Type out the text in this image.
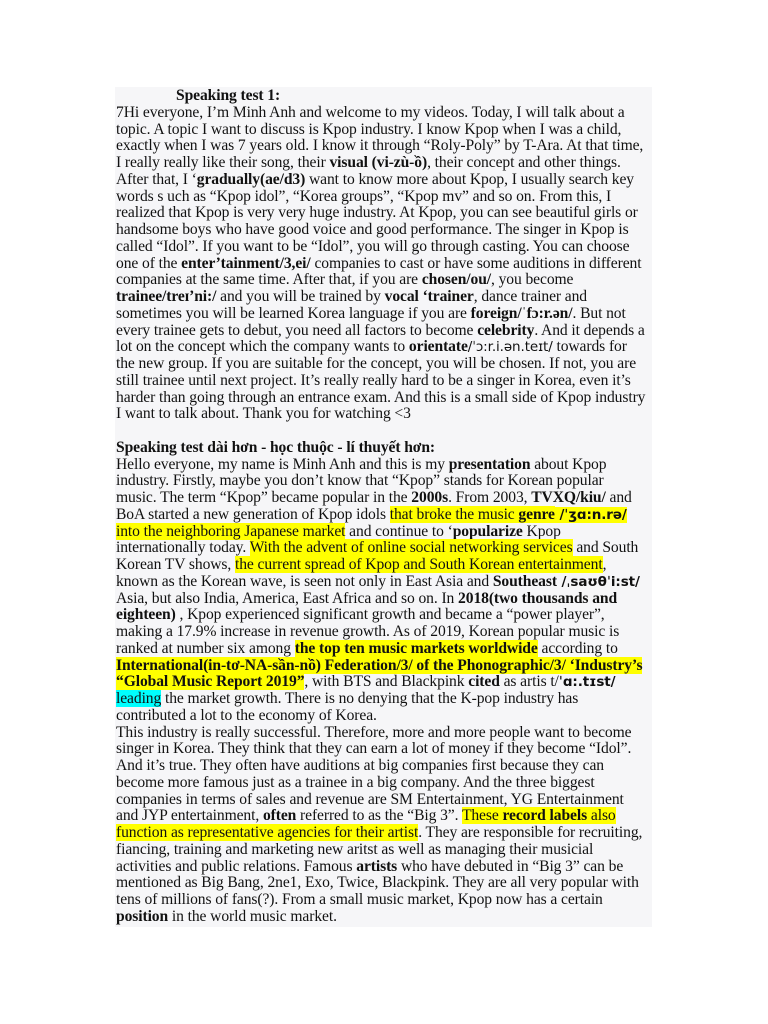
Speaking test 1:
7Hi everyone, I’m Minh Anh and welcome to my videos. Today, I will talk about a
topic. A topic I want to discuss is Kpop industry. I know Kpop when I was a child,
exactly when I was 7 years old. I know it through “Roly-Poly” by T-Ara. At that time,
I really really like their song, their visual (vi-zù-ồ), their concept and other things.
After that, I ‘gradually(ae/d3) want to know more about Kpop, I usually search key
words s uch as “Kpop idol”, “Korea groups”, “Kpop mv” and so on. From this, I
realized that Kpop is very very huge industry. At Kpop, you can see beautiful girls or
handsome boys who have good voice and good performance. The singer in Kpop is
called “Idol”. If you want to be “Idol”, you will go through casting. You can choose
one of the enter’tainment/3,ei/ companies to cast or have some auditions in different
companies at the same time. After that, if you are chosen/ou/, you become
trainee/treɪ’ni:/ and you will be trained by vocal ‘trainer, dance trainer and
sometimes you will be learned Korea language if you are foreign/ˈfɔ:r.ən/. But not
every trainee gets to debut, you need all factors to become celebrity. And it depends a
lot on the concept which the company wants to orientate/ˈɔ:r.i.ən.teɪt/ towards for
the new group. If you are suitable for the concept, you will be chosen. If not, you are
still trainee until next project. It’s really really hard to be a singer in Korea, even it’s
harder than going through an entrance exam. And this is a small side of Kpop industry
I want to talk about. Thank you for watching <3
Speaking test dài hơn - học thuộc - lí thuyết hơn:
Hello everyone, my name is Minh Anh and this is my presentation about Kpop
industry. Firstly, maybe you don’t know that “Kpop” stands for Korean popular
music. The term “Kpop” became popular in the 2000s. From 2003, TVXQ/kiu/ and
BoA started a new generation of Kpop idols that broke the music genre /ˈʒɑ:n.rə/
into the neighboring Japanese market and continue to ‘popularize Kpop
internationally today. With the advent of online social networking services and South
Korean TV shows, the current spread of Kpop and South Korean entertainment,
known as the Korean wave, is seen not only in East Asia and Southeast /ˌsaʊθˈi:st/
Asia, but also India, America, East Africa and so on. In 2018(two thousands and
eighteen) , Kpop experienced significant growth and became a “power player”,
making a 17.9% increase in revenue growth. As of 2019, Korean popular music is
ranked at number six among the top ten music markets worldwide according to
International(in-tơ-NA-sần-nồ) Federation/3/ of the Phonographic/3/ ‘Industry’s
“Global Music Report 2019”, with BTS and Blackpink cited as artis t/ˈɑ:.tɪst/
leading the market growth. There is no denying that the K-pop industry has
contributed a lot to the economy of Korea.
This industry is really successful. Therefore, more and more people want to become
singer in Korea. They think that they can earn a lot of money if they become “Idol”.
And it’s true. They often have auditions at big companies first because they can
become more famous just as a trainee in a big company. And the three biggest
companies in terms of sales and revenue are SM Entertainment, YG Entertainment
and JYP entertainment, often referred to as the “Big 3”. These record labels also
function as representative agencies for their artist. They are responsible for recruiting,
fiancing, training and marketing new aritst as well as managing their musicial
activities and public relations. Famous artists who have debuted in “Big 3” can be
mentioned as Big Bang, 2ne1, Exo, Twice, Blackpink. They are all very popular with
tens of millions of fans(?). From a small music market, Kpop now has a certain
position in the world music market.
